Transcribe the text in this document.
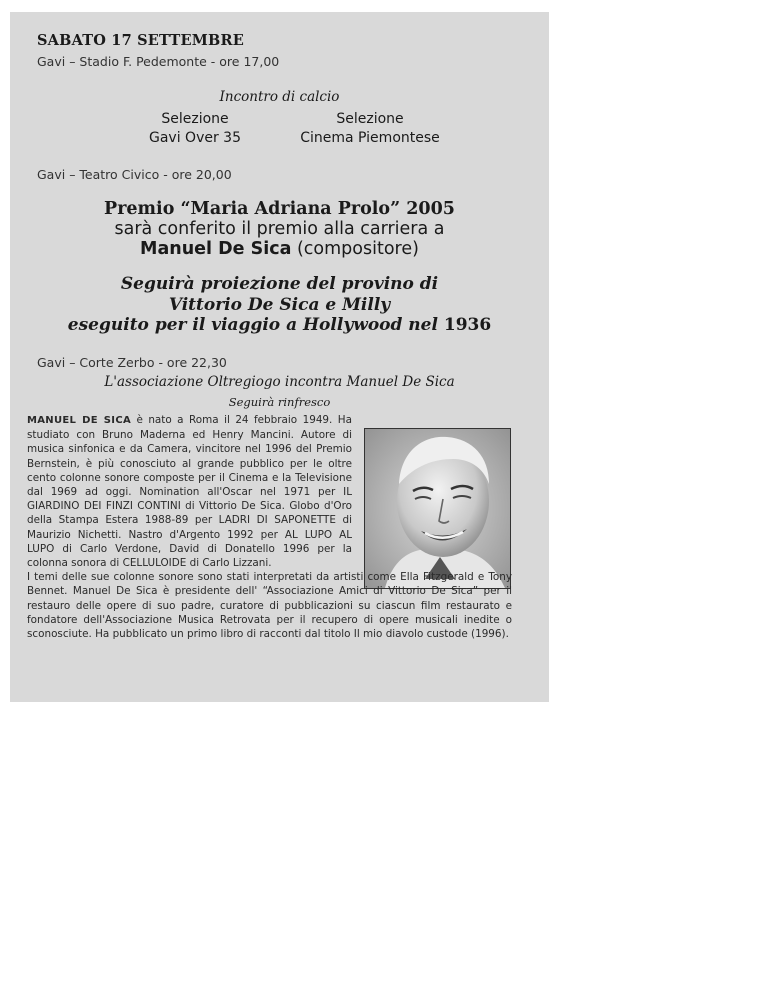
SABATO 17 SETTEMBRE
Gavi – Stadio F. Pedemonte - ore 17,00
Incontro di calcio
Selezione
Gavi Over 35
Selezione
Cinema Piemontese
Gavi – Teatro Civico - ore 20,00
Premio “Maria Adriana Prolo” 2005
sarà conferito il premio alla carriera a
Manuel De Sica (compositore)
Seguirà proiezione del provino di
Vittorio De Sica e Milly
eseguito per il viaggio a Hollywood nel 1936
Gavi – Corte Zerbo - ore 22,30
L'associazione Oltregiogo incontra Manuel De Sica
Seguirà rinfresco
MANUEL DE SICA è nato a Roma il 24 febbraio 1949. Ha studiato con Bruno Maderna ed Henry Mancini. Autore di musica sinfonica e da Camera, vincitore nel 1996 del Premio Bernstein, è più conosciuto al grande pubblico per le oltre cento colonne sonore composte per il Cinema e la Televisione dal 1969 ad oggi. Nomination all'Oscar nel 1971 per IL GIARDINO DEI FINZI CONTINI di Vittorio De Sica. Globo d'Oro della Stampa Estera 1988-89 per LADRI DI SAPONETTE di Maurizio Nichetti. Nastro d'Argento 1992 per AL LUPO AL LUPO di Carlo Verdone, David di Donatello 1996 per la colonna sonora di CELLULOIDE di Carlo Lizzani.
I temi delle sue colonne sonore sono stati interpretati da artisti come Ella Fitzgerald e Tony Bennet. Manuel De Sica è presidente dell' “Associazione Amici di Vittorio De Sica” per il restauro delle opere di suo padre, curatore di pubblicazioni su ciascun film restaurato e fondatore dell'Associazione Musica Retrovata per il recupero di opere musicali inedite o sconosciute. Ha pubblicato un primo libro di racconti dal titolo Il mio diavolo custode (1996).
